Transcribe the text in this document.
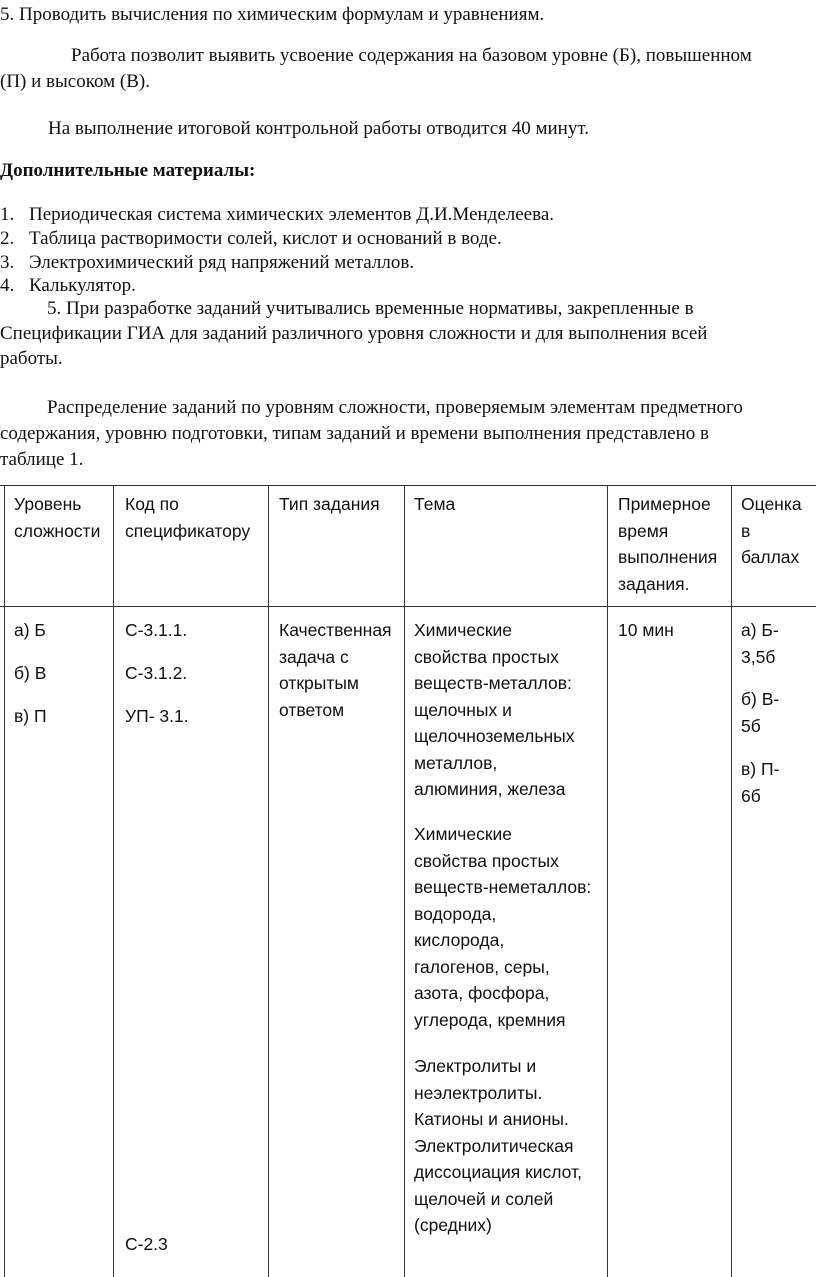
5. Проводить вычисления по химическим формулам и уравнениям.
Работа позволит выявить усвоение содержания на базовом уровне (Б), повышенном
(П) и высоком (В).
На выполнение итоговой контрольной работы отводится 40 минут.
Дополнительные материалы:
1. Периодическая система химических элементов Д.И.Менделеева.
2. Таблица растворимости солей, кислот и оснований в воде.
3. Электрохимический ряд напряжений металлов.
4. Калькулятор.
5. При разработке заданий учитывались временные нормативы, закрепленные в
Спецификации ГИА для заданий различного уровня сложности и для выполнения всей
работы.
Распределение заданий по уровням сложности, проверяемым элементам предметного
содержания, уровню подготовки, типам заданий и времени выполнения представлено в
таблице 1.
Уровень
сложности
Код по
спецификатору
Тип задания Тема	Примерное
время
выполнения
задания.
Оценка
в
баллах
а) Б
б) В
в) П
С-3.1.1.
С-3.1.2.
УП- 3.1.
С-2.3
Качественная
задача с
открытым
ответом
Химические
свойства простых
веществ-металлов:
щелочных и
щелочноземельных
металлов,
алюминия, железа
Химические
свойства простых
веществ-неметаллов:
водорода,
кислорода,
галогенов, серы,
азота, фосфора,
углерода, кремния
Электролиты и
неэлектролиты.
Катионы и анионы.
Электролитическая
диссоциация кислот,
щелочей и солей
(средних)
10 мин	а) Б-
3,5б
б) В-
5б
в) П-
6б
